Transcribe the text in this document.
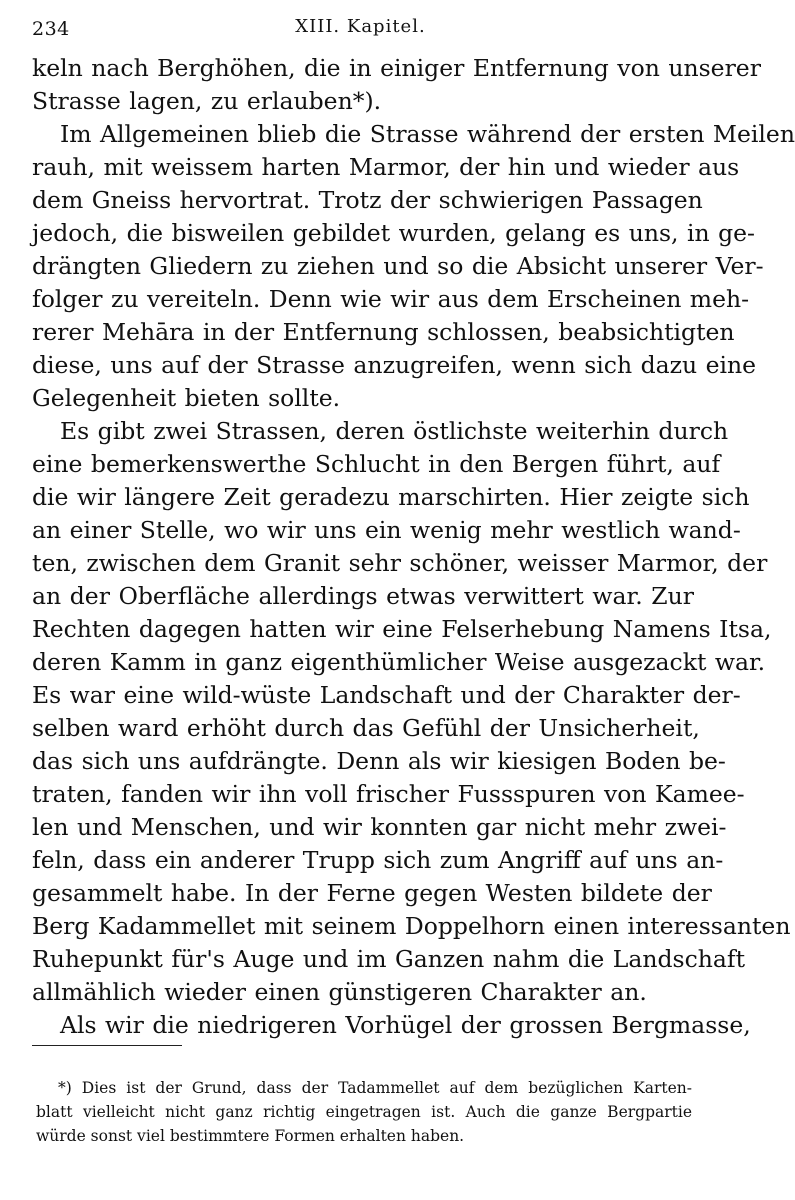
234	XIII. Kapitel.
keln nach Berghöhen, die in einiger Entfernung von unserer
Strasse lagen, zu erlauben*).
Im Allgemeinen blieb die Strasse während der ersten Meilen
rauh, mit weissem harten Marmor, der hin und wieder aus
dem Gneiss hervortrat. Trotz der schwierigen Passagen
jedoch, die bisweilen gebildet wurden, gelang es uns, in ge-
drängten Gliedern zu ziehen und so die Absicht unserer Ver-
folger zu vereiteln. Denn wie wir aus dem Erscheinen meh-
rerer Mehāra in der Entfernung schlossen, beabsichtigten
diese, uns auf der Strasse anzugreifen, wenn sich dazu eine
Gelegenheit bieten sollte.
Es gibt zwei Strassen, deren östlichste weiterhin durch
eine bemerkenswerthe Schlucht in den Bergen führt, auf
die wir längere Zeit geradezu marschirten. Hier zeigte sich
an einer Stelle, wo wir uns ein wenig mehr westlich wand-
ten, zwischen dem Granit sehr schöner, weisser Marmor, der
an der Oberfläche allerdings etwas verwittert war. Zur
Rechten dagegen hatten wir eine Felserhebung Namens Itsa,
deren Kamm in ganz eigenthümlicher Weise ausgezackt war.
Es war eine wild-wüste Landschaft und der Charakter der-
selben ward erhöht durch das Gefühl der Unsicherheit,
das sich uns aufdrängte. Denn als wir kiesigen Boden be-
traten, fanden wir ihn voll frischer Fussspuren von Kamee-
len und Menschen, und wir konnten gar nicht mehr zwei-
feln, dass ein anderer Trupp sich zum Angriff auf uns an-
gesammelt habe. In der Ferne gegen Westen bildete der
Berg Kadammellet mit seinem Doppelhorn einen interessanten
Ruhepunkt für's Auge und im Ganzen nahm die Landschaft
allmählich wieder einen günstigeren Charakter an.
Als wir die niedrigeren Vorhügel der grossen Bergmasse,
*) Dies ist der Grund, dass der Tadammellet auf dem bezüglichen Karten-
blatt vielleicht nicht ganz richtig eingetragen ist. Auch die ganze Bergpartie
würde sonst viel bestimmtere Formen erhalten haben.
